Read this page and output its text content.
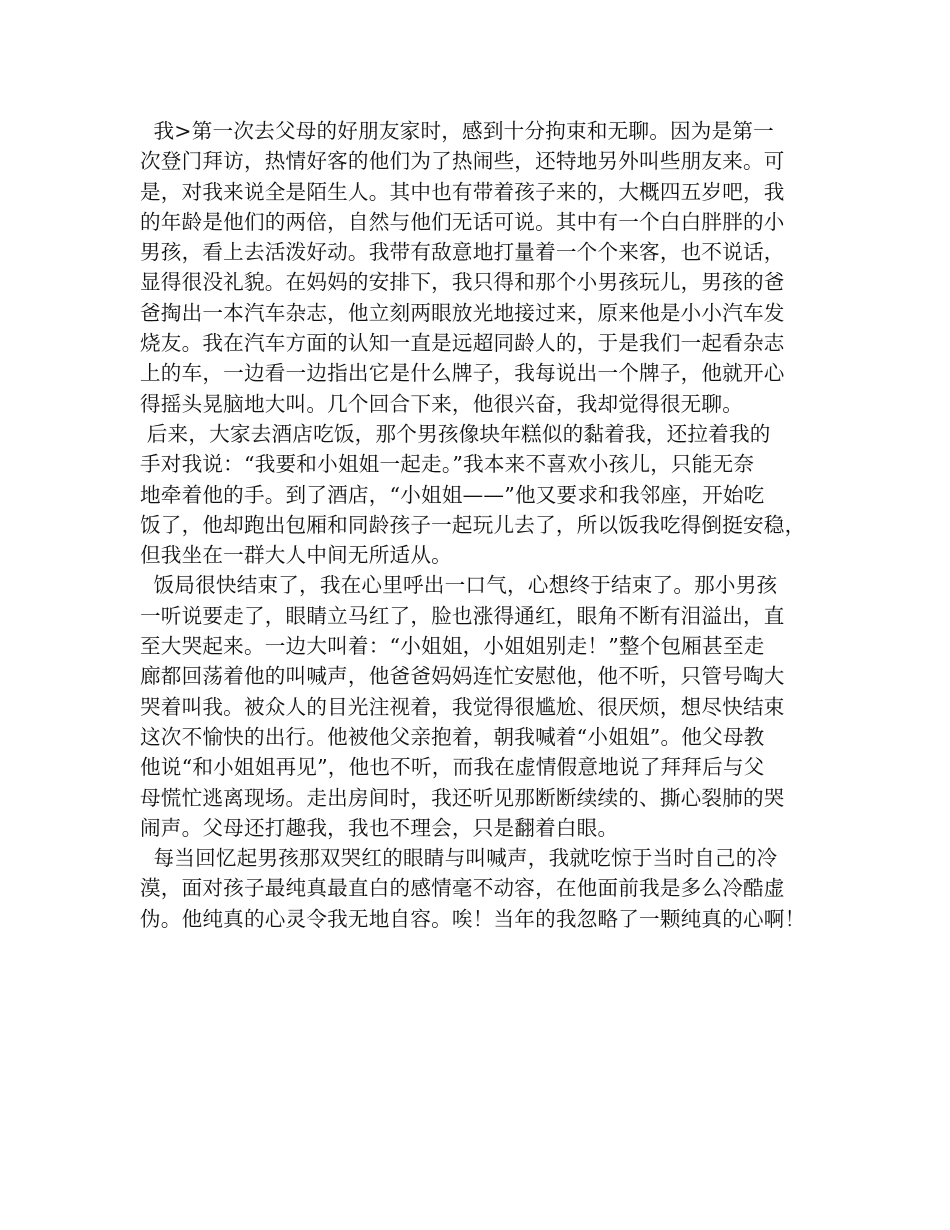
我>第一次去父母的好朋友家时，感到十分拘束和无聊。因为是第一
次登门拜访，热情好客的他们为了热闹些，还特地另外叫些朋友来。可
是，对我来说全是陌生人。其中也有带着孩子来的，大概四五岁吧，我
的年龄是他们的两倍，自然与他们无话可说。其中有一个白白胖胖的小
男孩，看上去活泼好动。我带有敌意地打量着一个个来客，也不说话，
显得很没礼貌。在妈妈的安排下，我只得和那个小男孩玩儿，男孩的爸
爸掏出一本汽车杂志，他立刻两眼放光地接过来，原来他是小小汽车发
烧友。我在汽车方面的认知一直是远超同龄人的，于是我们一起看杂志
上的车，一边看一边指出它是什么牌子，我每说出一个牌子，他就开心
得摇头晃脑地大叫。几个回合下来，他很兴奋，我却觉得很无聊。
后来，大家去酒店吃饭，那个男孩像块年糕似的黏着我，还拉着我的
手对我说：“我要和小姐姐一起走。”我本来不喜欢小孩儿，只能无奈
地牵着他的手。到了酒店，“小姐姐——”他又要求和我邻座，开始吃
饭了，他却跑出包厢和同龄孩子一起玩儿去了，所以饭我吃得倒挺安稳，
但我坐在一群大人中间无所适从。
饭局很快结束了，我在心里呼出一口气，心想终于结束了。那小男孩
一听说要走了，眼睛立马红了，脸也涨得通红，眼角不断有泪溢出，直
至大哭起来。一边大叫着：“小姐姐，小姐姐别走！”整个包厢甚至走
廊都回荡着他的叫喊声，他爸爸妈妈连忙安慰他，他不听，只管号啕大
哭着叫我。被众人的目光注视着，我觉得很尴尬、很厌烦，想尽快结束
这次不愉快的出行。他被他父亲抱着，朝我喊着“小姐姐”。他父母教
他说“和小姐姐再见”，他也不听，而我在虚情假意地说了拜拜后与父
母慌忙逃离现场。走出房间时，我还听见那断断续续的、撕心裂肺的哭
闹声。父母还打趣我，我也不理会，只是翻着白眼。
每当回忆起男孩那双哭红的眼睛与叫喊声，我就吃惊于当时自己的冷
漠，面对孩子最纯真最直白的感情毫不动容，在他面前我是多么冷酷虚
伪。他纯真的心灵令我无地自容。唉！当年的我忽略了一颗纯真的心啊！
